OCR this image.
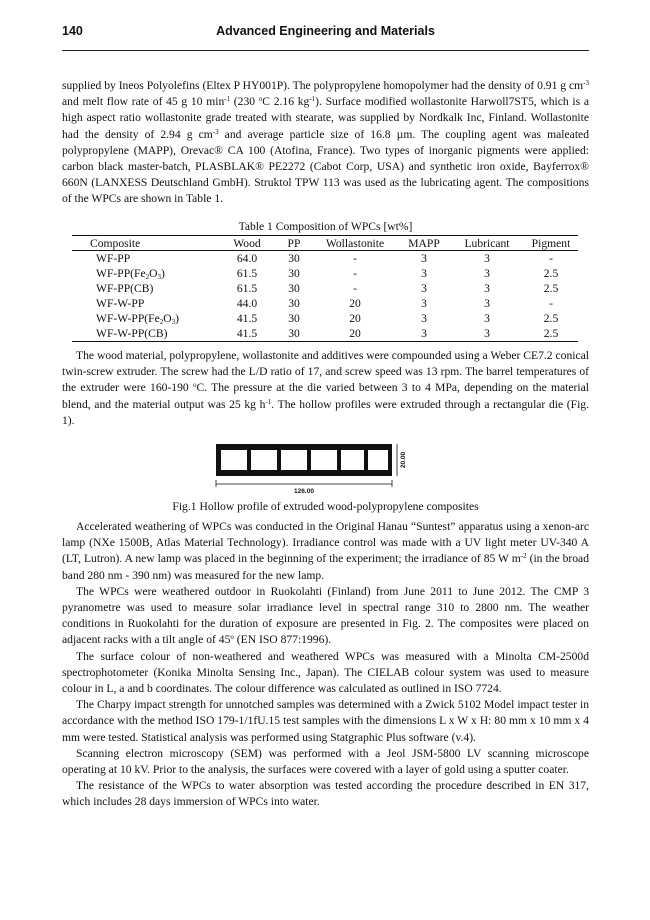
140	Advanced Engineering and Materials

supplied by Ineos Polyolefins (Eltex P HY001P). The polypropylene homopolymer had the density of 0.91 g $cm^{-3}$ and melt flow rate of 45 g 10 $\min^{-1} (230$ $^o$C 2.16 $kg^{-1}$). Surface modified wollastonite Harwoll7ST5, which is a high aspect ratio wollastonite grade treated with stearate, was supplied by Nordkalk Inc, Finland. Wollastonite had the density of 2.94 g $cm^{-3}$ and average particle size of 16.8 µm. The coupling agent was maleated polypropylene (MAPP), Orevac® CA 100 (Atofina, France). Two types of inorganic pigments were applied: carbon black master-batch, PLASBLAK® PE2272 (Cabot Corp, USA) and synthetic iron oxide, Bayferrox® 660N (LANXESS Deutschland GmbH). Struktol TPW 113 was used as the lubricating agent. The compositions of the WPCs are shown in Table 1.

Table 1 Composition of WPCs [wt%]
Composite	Wood	PP	Wollastonite	MAPP	Lubricant	Pigment
WF-PP	64.0	30	-	3	3	-
$WF-PP(Fe_2O_3)$	61.5	30	-	3	3	2.5
WF-PP(CB)	61.5	30	-	3	3	2.5
WF-W-PP	44.0	30	20	3	3	-
$WF-W-PP(Fe_2O_3)$	41.5	30	20	3	3	2.5
WF-W-PP(CB)	41.5	30	20	3	3	2.5

The wood material, polypropylene, wollastonite and additives were compounded using a Weber CE7.2 conical twin-screw extruder. The screw had the L/D ratio of 17, and screw speed was 13 rpm. The barrel temperatures of the extruder were 160-190 $^o$C. The pressure at the die varied between 3 to 4 MPa, depending on the material blend, and the material output was 25 kg $h^{-1}$. The hollow profiles were extruded through a rectangular die (Fig. 1).

126.00
20.00
Fig.1 Hollow profile of extruded wood-polypropylene composites

Accelerated weathering of WPCs was conducted in the Original Hanau “Suntest” apparatus using a xenon-arc lamp (NXe 1500B, Atlas Material Technology). Irradiance control was made with a UV light meter UV-340 A (LT, Lutron). A new lamp was placed in the beginning of the experiment; the irradiance of 85 W $m^{-2}$ (in the broad band 280 nm - 390 nm) was measured for the new lamp.

The WPCs were weathered outdoor in Ruokolahti (Finland) from June 2011 to June 2012. The CMP 3 pyranometre was used to measure solar irradiance level in spectral range 310 to 2800 nm. The weather conditions in Ruokolahti for the duration of exposure are presented in Fig. 2. The composites were placed on adjacent racks with a tilt angle of 45$^o$ (EN ISO 877:1996).

The surface colour of non-weathered and weathered WPCs was measured with a Minolta CM-2500d spectrophotometer (Konika Minolta Sensing Inc., Japan). The CIELAB colour system was used to measure colour in L, a and b coordinates. The colour difference was calculated as outlined in ISO 7724.

The Charpy impact strength for unnotched samples was determined with a Zwick 5102 Model impact tester in accordance with the method ISO 179-1/1fU.15 test samples with the dimensions L x W x H: 80 mm x 10 mm x 4 mm were tested. Statistical analysis was performed using Statgraphic Plus software (v.4).

Scanning electron microscopy (SEM) was performed with a Jeol JSM-5800 LV scanning microscope operating at 10 kV. Prior to the analysis, the surfaces were covered with a layer of gold using a sputter coater.

The resistance of the WPCs to water absorption was tested according the procedure described in EN 317, which includes 28 days immersion of WPCs into water.
